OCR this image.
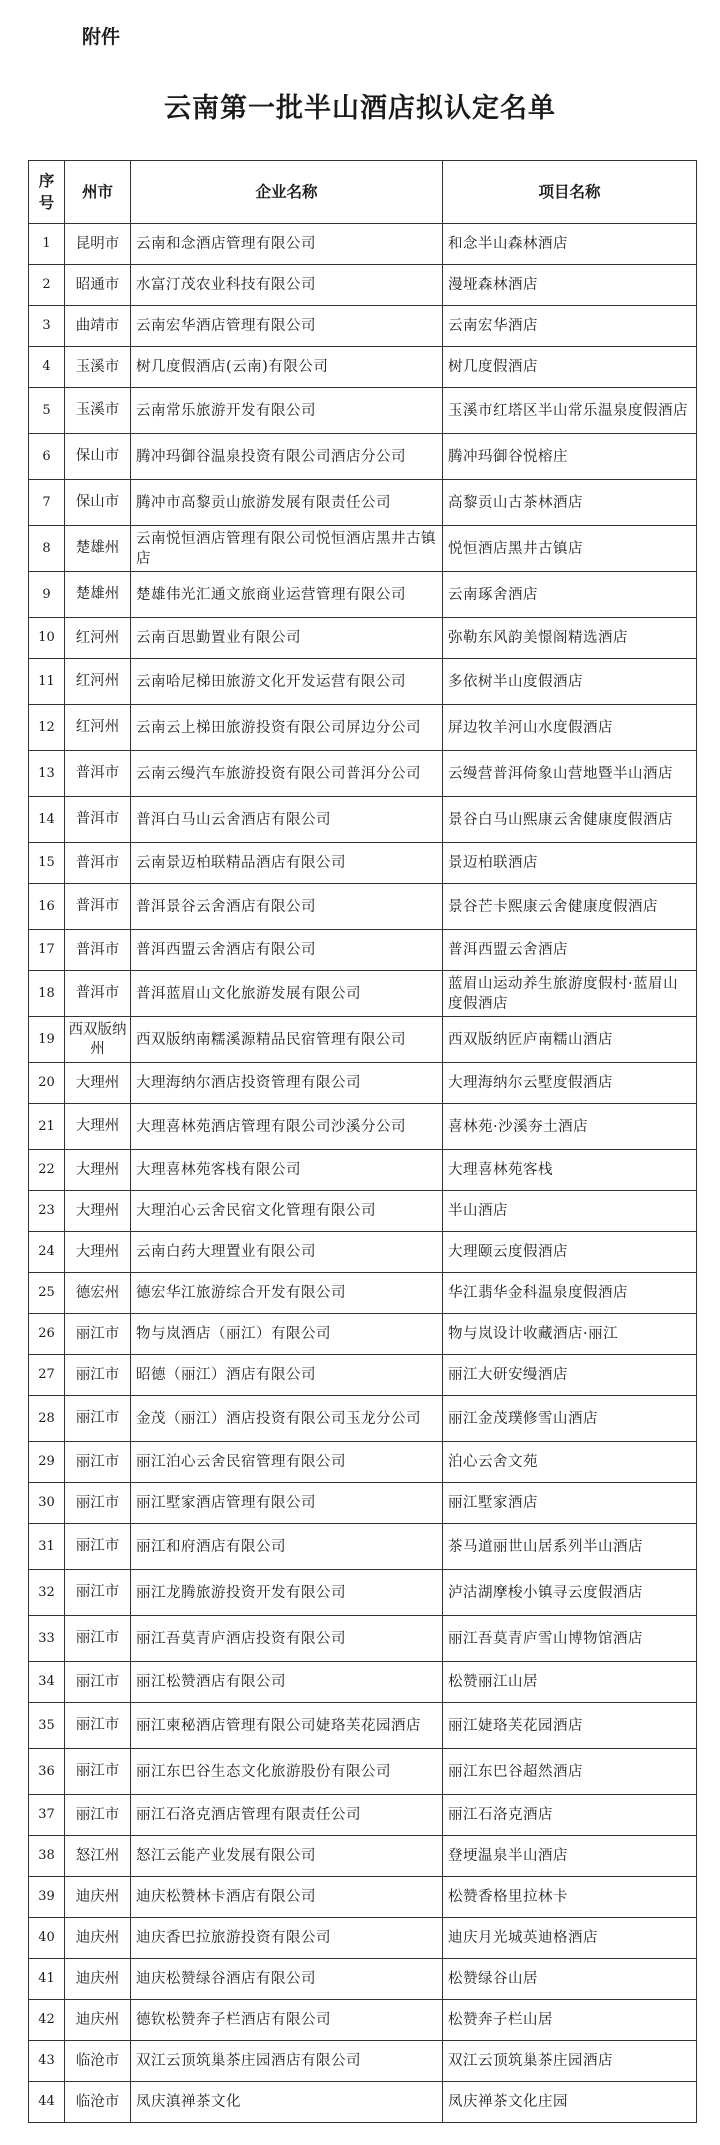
附件
云南第一批半山酒店拟认定名单
序
号	州市	企业名称	项目名称
1	昆明市	云南和念酒店管理有限公司	和念半山森林酒店
2	昭通市	水富汀茂农业科技有限公司	漫垭森林酒店
3	曲靖市	云南宏华酒店管理有限公司	云南宏华酒店
4	玉溪市	树几度假酒店(云南)有限公司	树几度假酒店
5	玉溪市	云南常乐旅游开发有限公司	玉溪市红塔区半山常乐温泉度假酒店
6	保山市	腾冲玛御谷温泉投资有限公司酒店分公司	腾冲玛御谷悦榕庄
7	保山市	腾冲市高黎贡山旅游发展有限责任公司	高黎贡山古茶林酒店
8	楚雄州	云南悦恒酒店管理有限公司悦恒酒店黑井古镇店	悦恒酒店黑井古镇店
9	楚雄州	楚雄伟光汇通文旅商业运营管理有限公司	云南琢舍酒店
10	红河州	云南百思勤置业有限公司	弥勒东风韵美憬阁精选酒店
11	红河州	云南哈尼梯田旅游文化开发运营有限公司	多依树半山度假酒店
12	红河州	云南云上梯田旅游投资有限公司屏边分公司	屏边牧羊河山水度假酒店
13	普洱市	云南云缦汽车旅游投资有限公司普洱分公司	云缦营普洱倚象山营地暨半山酒店
14	普洱市	普洱白马山云舍酒店有限公司	景谷白马山熙康云舍健康度假酒店
15	普洱市	云南景迈柏联精品酒店有限公司	景迈柏联酒店
16	普洱市	普洱景谷云舍酒店有限公司	景谷芒卡熙康云舍健康度假酒店
17	普洱市	普洱西盟云舍酒店有限公司	普洱西盟云舍酒店
18	普洱市	普洱蓝眉山文化旅游发展有限公司	蓝眉山运动养生旅游度假村·蓝眉山度假酒店
19	西双版纳州	西双版纳南糯溪源精品民宿管理有限公司	西双版纳匠庐南糯山酒店
20	大理州	大理海纳尔酒店投资管理有限公司	大理海纳尔云墅度假酒店
21	大理州	大理喜林苑酒店管理有限公司沙溪分公司	喜林苑·沙溪夯土酒店
22	大理州	大理喜林苑客栈有限公司	大理喜林苑客栈
23	大理州	大理泊心云舍民宿文化管理有限公司	半山酒店
24	大理州	云南白药大理置业有限公司	大理颐云度假酒店
25	德宏州	德宏华江旅游综合开发有限公司	华江翡华金科温泉度假酒店
26	丽江市	物与岚酒店（丽江）有限公司	物与岚设计收藏酒店·丽江
27	丽江市	昭德（丽江）酒店有限公司	丽江大研安缦酒店
28	丽江市	金茂（丽江）酒店投资有限公司玉龙分公司	丽江金茂璞修雪山酒店
29	丽江市	丽江泊心云舍民宿管理有限公司	泊心云舍文苑
30	丽江市	丽江墅家酒店管理有限公司	丽江墅家酒店
31	丽江市	丽江和府酒店有限公司	茶马道丽世山居系列半山酒店
32	丽江市	丽江龙腾旅游投资开发有限公司	泸沽湖摩梭小镇寻云度假酒店
33	丽江市	丽江吾莫青庐酒店投资有限公司	丽江吾莫青庐雪山博物馆酒店
34	丽江市	丽江松赞酒店有限公司	松赞丽江山居
35	丽江市	丽江柬秘酒店管理有限公司婕珞芙花园酒店	丽江婕珞芙花园酒店
36	丽江市	丽江东巴谷生态文化旅游股份有限公司	丽江东巴谷超然酒店
37	丽江市	丽江石洛克酒店管理有限责任公司	丽江石洛克酒店
38	怒江州	怒江云能产业发展有限公司	登埂温泉半山酒店
39	迪庆州	迪庆松赞林卡酒店有限公司	松赞香格里拉林卡
40	迪庆州	迪庆香巴拉旅游投资有限公司	迪庆月光城英迪格酒店
41	迪庆州	迪庆松赞绿谷酒店有限公司	松赞绿谷山居
42	迪庆州	德钦松赞奔子栏酒店有限公司	松赞奔子栏山居
43	临沧市	双江云顶筑巢茶庄园酒店有限公司	双江云顶筑巢茶庄园酒店
44	临沧市	凤庆滇禅茶文化	凤庆禅茶文化庄园
